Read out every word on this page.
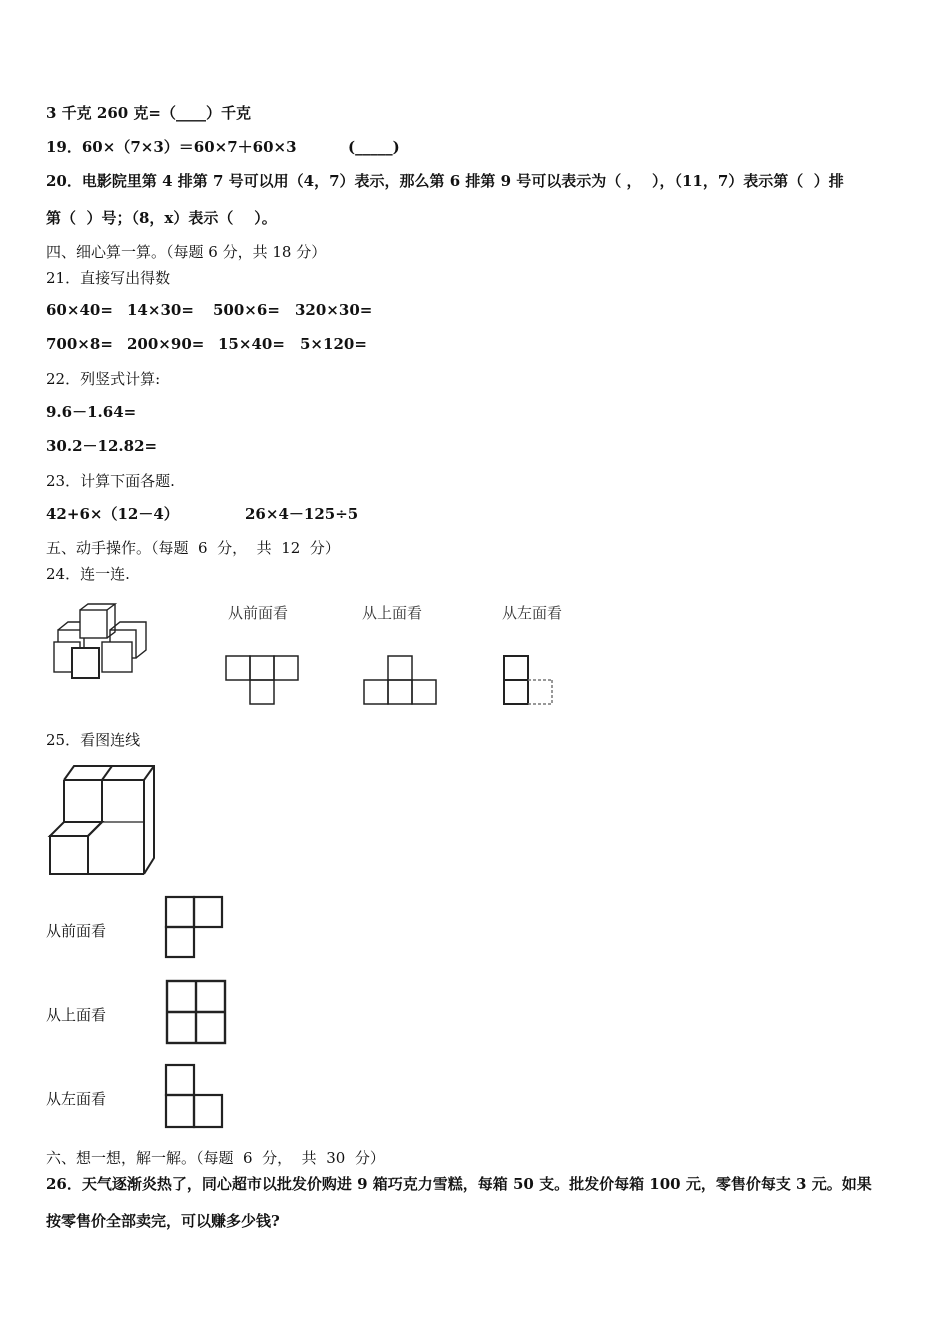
3 千克 260 克=（____）千克
19．60×（7×3）＝60×7＋60×3	(_____)
20．电影院里第 4 排第 7 号可以用（4，7）表示，那么第 6 排第 9 号可以表示为（ ，  ），（11，7）表示第（  ）排
第（  ）号；（8，x）表示（    ）。
四、细心算一算。（每题 6 分，共 18 分）
21．直接写出得数
60×40= 14×30= 500×6= 320×30=
700×8= 200×90= 15×40= 5×120=
22．列竖式计算:
9.6－1.64=
30.2－12.82=
23．计算下面各题.
42+6×（12－4）	26×4－125÷5
五、动手操作。（每题  6  分，  共  12  分）
24．连一连.
从前面看	从上面看	从左面看
25．看图连线
从前面看
从上面看
从左面看
六、想一想，解一解。（每题  6  分，  共  30  分）
26．天气逐渐炎热了，同心超市以批发价购进 9 箱巧克力雪糕，每箱 50 支。批发价每箱 100 元，零售价每支 3 元。如果
按零售价全部卖完，可以赚多少钱?
